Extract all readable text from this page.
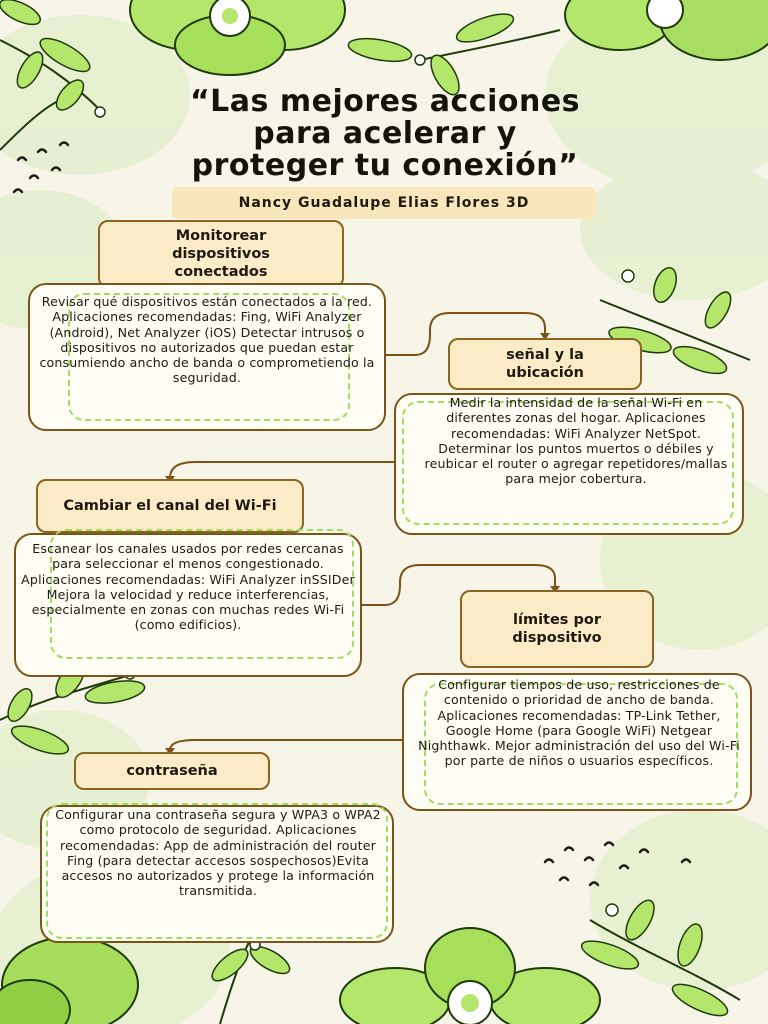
“Las mejores acciones
para acelerar y
proteger tu conexión”
Nancy Guadalupe Elias Flores 3D
Monitorear dispositivos conectados
Revisar qué dispositivos están conectados a la red. Aplicaciones recomendadas: Fing, WiFi Analyzer (Android), Net Analyzer (iOS) Detectar intrusos o dispositivos no autorizados que puedan estar consumiendo ancho de banda o comprometiendo la seguridad.
señal y la ubicación
Medir la intensidad de la señal Wi-Fi en diferentes zonas del hogar. Aplicaciones recomendadas: WiFi Analyzer NetSpot. Determinar los puntos muertos o débiles y reubicar el router o agregar repetidores/mallas para mejor cobertura.
Cambiar el canal del Wi-Fi
Escanear los canales usados por redes cercanas para seleccionar el menos congestionado. Aplicaciones recomendadas: WiFi Analyzer inSSIDer Mejora la velocidad y reduce interferencias, especialmente en zonas con muchas redes Wi-Fi (como edificios).	límites por dispositivo
Configurar tiempos de uso, restricciones de contenido o prioridad de ancho de banda. Aplicaciones recomendadas: TP-Link Tether, Google Home (para Google WiFi) Netgear Nighthawk. Mejor administración del uso del Wi-Fi por parte de niños o usuarios específicos.
contraseña
Configurar una contraseña segura y WPA3 o WPA2 como protocolo de seguridad. Aplicaciones recomendadas: App de administración del router Fing (para detectar accesos sospechosos)Evita accesos no autorizados y protege la información transmitida.
